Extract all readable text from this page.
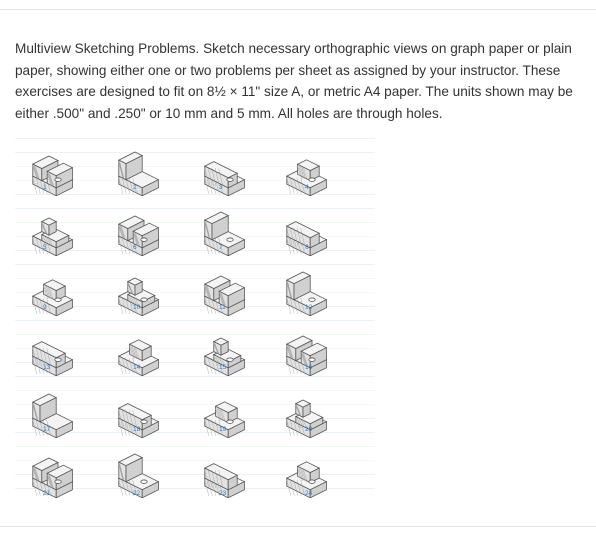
Multiview Sketching Problems. Sketch necessary orthographic views on graph paper or plain paper, showing either one or two problems per sheet as assigned by your instructor. These exercises are designed to fit on 8½ × 11" size A, or metric A4 paper. The units shown may be either .500" and .250" or 10 mm and 5 mm. All holes are through holes.

1	2	3	4
5	6	7	8
9	10	11	12
13	14	15	16
17	18	19	20
21	22	23	24
